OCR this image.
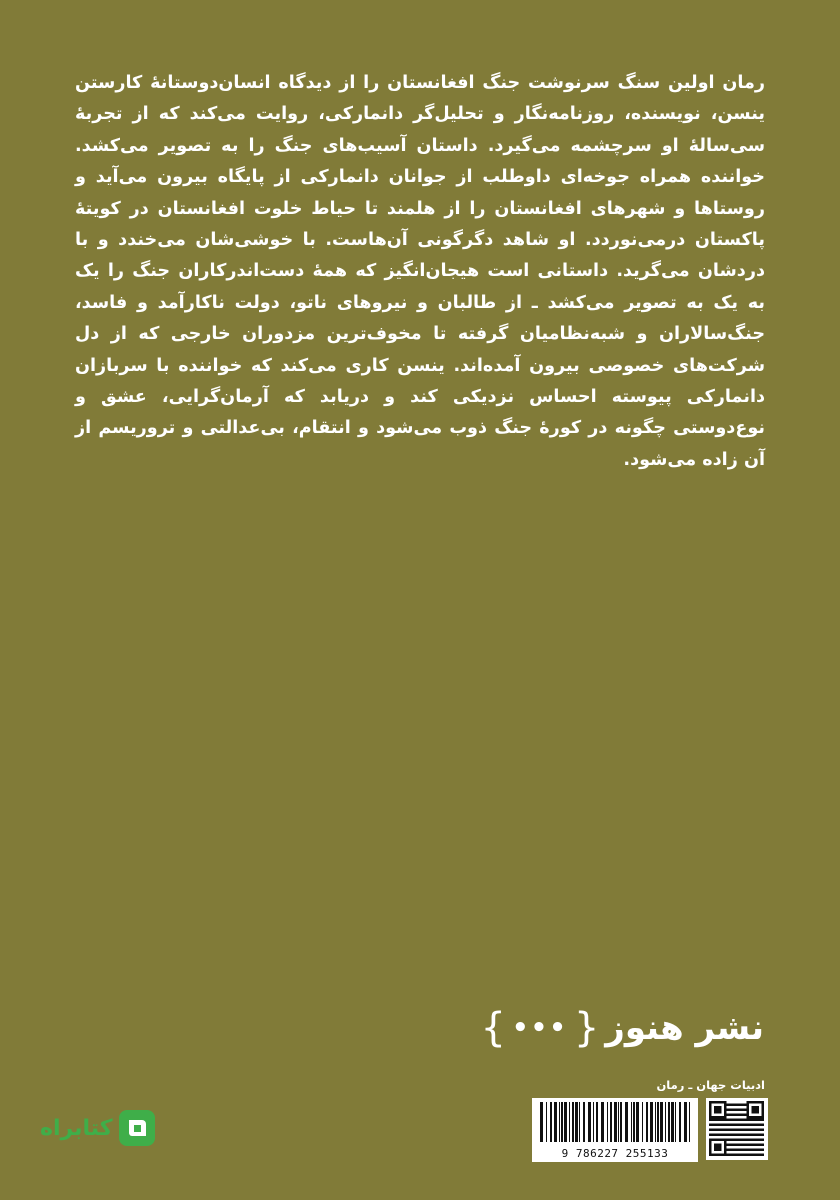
رمان اولین سنگ سرنوشت جنگ افغانستان را از دیدگاه انسان‌دوستانهٔ کارستن ینسن، نویسنده، روزنامه‌نگار و تحلیل‌گر دانمارکی، روایت می‌کند که از تجربهٔ سی‌سالهٔ او سرچشمه می‌گیرد. داستان آسیب‌های جنگ را به تصویر می‌کشد. خواننده همراه جوخه‌ای داوطلب از جوانان دانمارکی از پایگاه بیرون می‌آید و روستاها و شهرهای افغانستان را از هلمند تا حیاط خلوت افغانستان در کویتهٔ پاکستان درمی‌نوردد. او شاهد دگرگونی آن‌هاست. با خوشی‌شان می‌خندد و با دردشان می‌گرید. داستانی است هیجان‌انگیز که همهٔ دست‌اندرکاران جنگ را یک به یک به تصویر می‌کشد ـ از طالبان و نیروهای ناتو، دولت ناکارآمد و فاسد، جنگ‌سالاران و شبه‌نظامیان گرفته تا مخوف‌ترین مزدوران خارجی که از دل شرکت‌های خصوصی بیرون آمده‌اند. ینسن کاری می‌کند که خواننده با سربازان دانمارکی پیوسته احساس نزدیکی کند و دریابد که آرمان‌گرایی، عشق و نوع‌دوستی چگونه در کورهٔ جنگ ذوب می‌شود و انتقام، بی‌عدالتی و تروریسم از آن زاده می‌شود.

نشر هنوز
{
•••
}
ادبیات جهان ـ رمان
9 786227 255133
کتابراه
